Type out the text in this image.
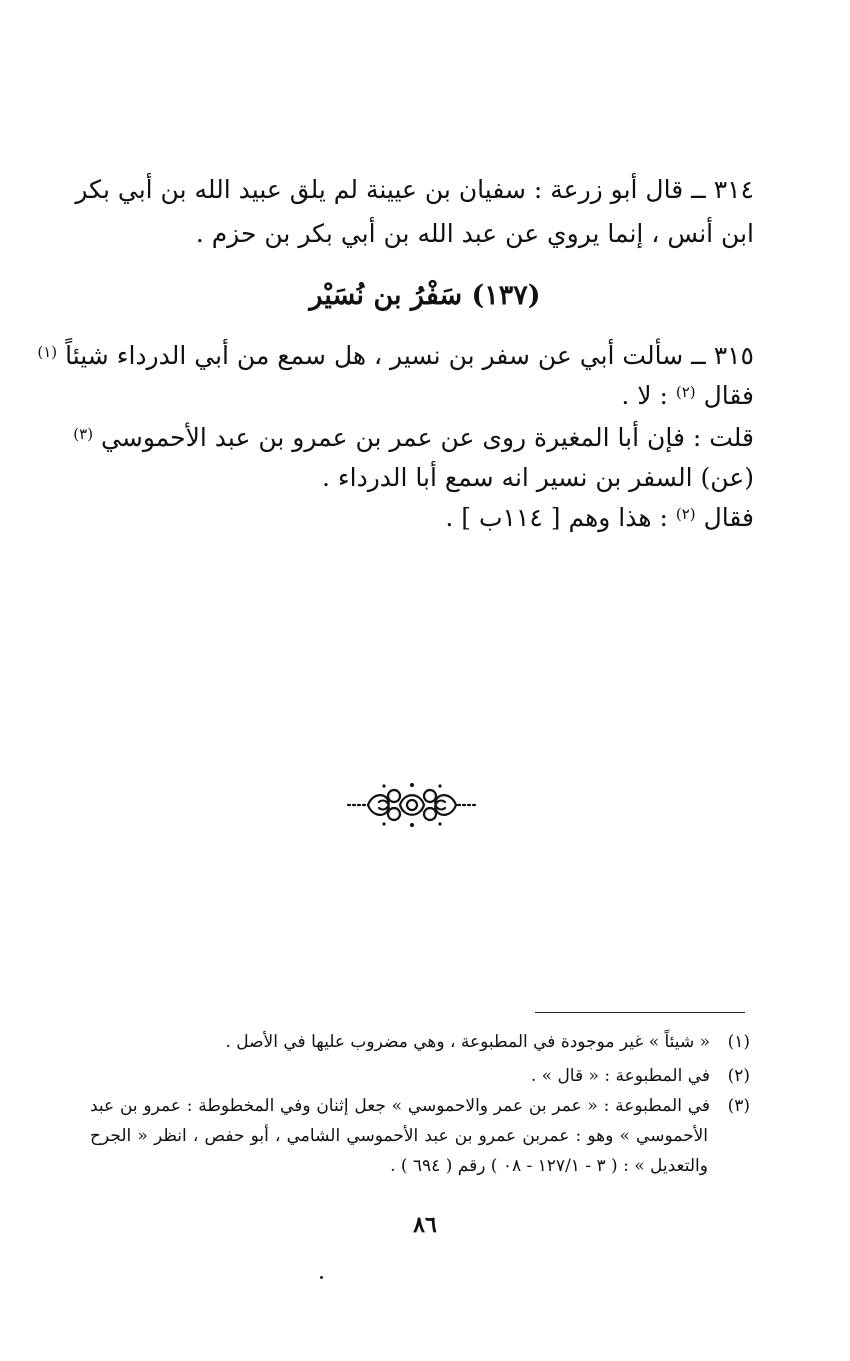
٣١٤ ــ قال أبو زرعة : سفيان بن عيينة لم يلق عبيد الله بن أبي بكر
ابن أنس ، إنما يروي عن عبد الله بن أبي بكر بن حزم .
(١٣٧) سَفْرُ بن نُسَيْر
٣١٥ ــ سألت أبي عن سفر بن نسير ، هل سمع من أبي الدرداء شيئاً $^{(١)}$
فقال $^{(٢)}$ : لا .
قلت : فإن أبا المغيرة روى عن عمر بن عمرو بن عبد الأحموسي $^{(٣)}$
(عن) السفر بن نسير انه سمع أبا الدرداء .
فقال $^{(٢)}$ : هذا وهم [ ١١٤ب ] .
(١)« شيئاً » غير موجودة في المطبوعة ، وهي مضروب عليها في الأصل .
(٢)في المطبوعة : « قال » .
(٣)في المطبوعة : « عمر بن عمر والاحموسي » جعل إثنان وفي المخطوطة : عمرو بن عبد
الأحموسي » وهو : عمربن عمرو بن عبد الأحموسي الشامي ، أبو حفص ، انظر « الجرح
والتعديل » : ( ٣ - ١٢٧/١ - ٠٨ ) رقم ( ٦٩٤ ) .
٨٦
